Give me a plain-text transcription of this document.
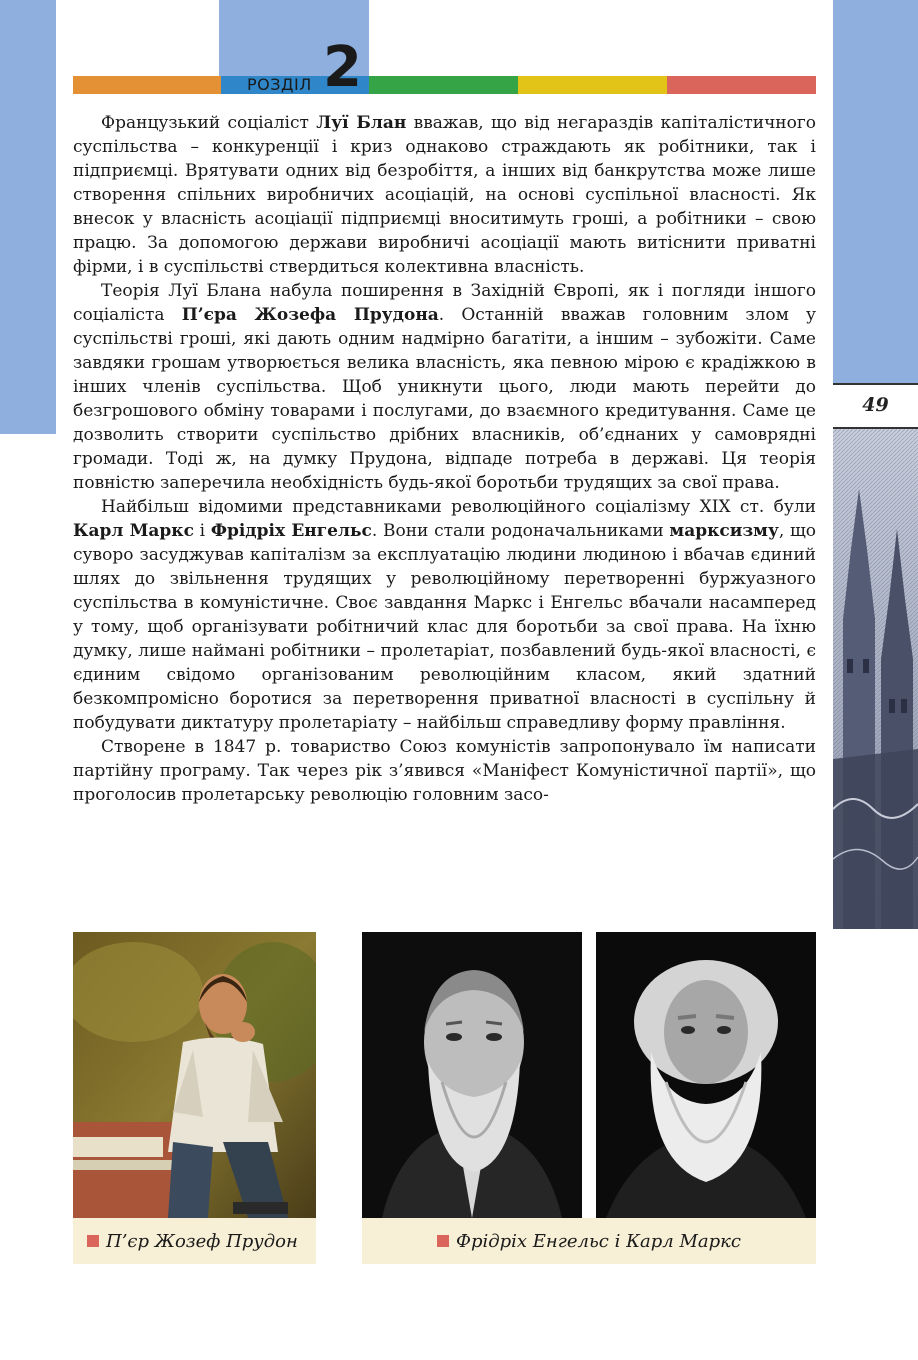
РОЗДІЛ 2
49

Французький соціаліст Луї Блан вважав, що від негараздів капіталістичного суспільства – конкуренції і криз однаково страждають як робітники, так і підприємці. Врятувати одних від безробіття, а інших від банкрутства може лише створення спільних виробничих асоціацій, на основі суспільної власності. Як внесок у власність асоціації підприємці вноситимуть гроші, а робітники – свою працю. За допомогою держави виробничі асоціації мають витіснити приватні фірми, і в суспільстві ствердиться колективна власність.

Теорія Луї Блана набула поширення в Західній Європі, як і погляди іншого соціаліста П’єра Жозефа Прудона. Останній вважав головним злом у суспільстві гроші, які дають одним надмірно багатіти, а іншим – зубожіти. Саме завдяки грошам утворюється велика власність, яка певною мірою є крадіжкою в інших членів суспільства. Щоб уникнути цього, люди мають перейти до безгрошового обміну товарами і послугами, до взаємного кредитування. Саме це дозволить створити суспільство дрібних власників, об’єднаних у самоврядні громади. Тоді ж, на думку Прудона, відпаде потреба в державі. Ця теорія повністю заперечила необхідність будь-якої боротьби трудящих за свої права.

Найбільш відомими представниками революційного соціалізму XIX ст. були Карл Маркс і Фрідріх Енгельс. Вони стали родоначальниками марксизму, що суворо засуджував капіталізм за експлуатацію людини людиною і вбачав єдиний шлях до звільнення трудящих у революційному перетворенні буржуазного суспільства в комуністичне. Своє завдання Маркс і Енгельс вбачали насамперед у тому, щоб організувати робітничий клас для боротьби за свої права. На їхню думку, лише наймані робітники – пролетаріат, позбавлений будь-якої власності, є єдиним свідомо організованим революційним класом, який здатний безкомпромісно боротися за перетворення приватної власності в суспільну й побудувати диктатуру пролетаріату – найбільш справедливу форму правління.

Створене в 1847 р. товариство Союз комуністів запропонувало їм написати партійну програму. Так через рік з’явився «Маніфест Комуністичної партії», що проголосив пролетарську революцію головним засо-

П’єр Жозеф Прудон	Фрідріх Енгельс і Карл Маркс
